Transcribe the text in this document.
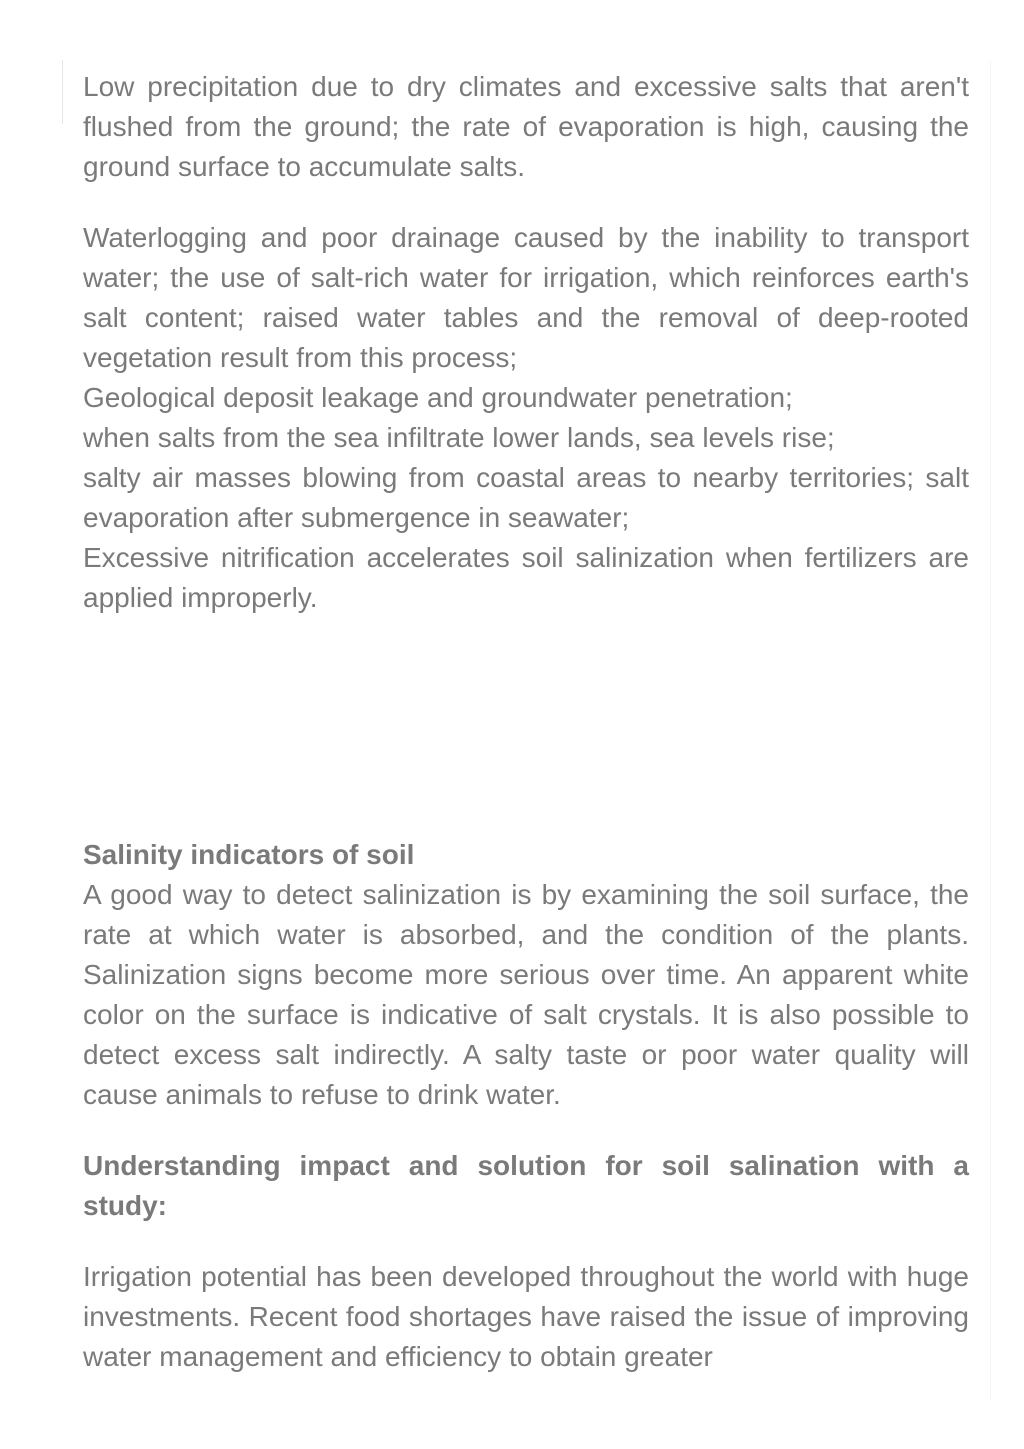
Low precipitation due to dry climates and excessive salts that aren't flushed from the ground; the rate of evaporation is high, causing the ground surface to accumulate salts.

Waterlogging and poor drainage caused by the inability to transport water; the use of salt-rich water for irrigation, which reinforces earth's salt content; raised water tables and the removal of deep-rooted vegetation result from this process;

Geological deposit leakage and groundwater penetration;

when salts from the sea infiltrate lower lands, sea levels rise;

salty air masses blowing from coastal areas to nearby territories; salt evaporation after submergence in seawater;

Excessive nitrification accelerates soil salinization when fertilizers are applied improperly.

Salinity indicators of soil

A good way to detect salinization is by examining the soil surface, the rate at which water is absorbed, and the condition of the plants. Salinization signs become more serious over time. An apparent white color on the surface is indicative of salt crystals. It is also possible to detect excess salt indirectly. A salty taste or poor water quality will cause animals to refuse to drink water.

Understanding impact and solution for soil salination with a study:

Irrigation potential has been developed throughout the world with huge investments. Recent food shortages have raised the issue of improving water management and efficiency to obtain greater
